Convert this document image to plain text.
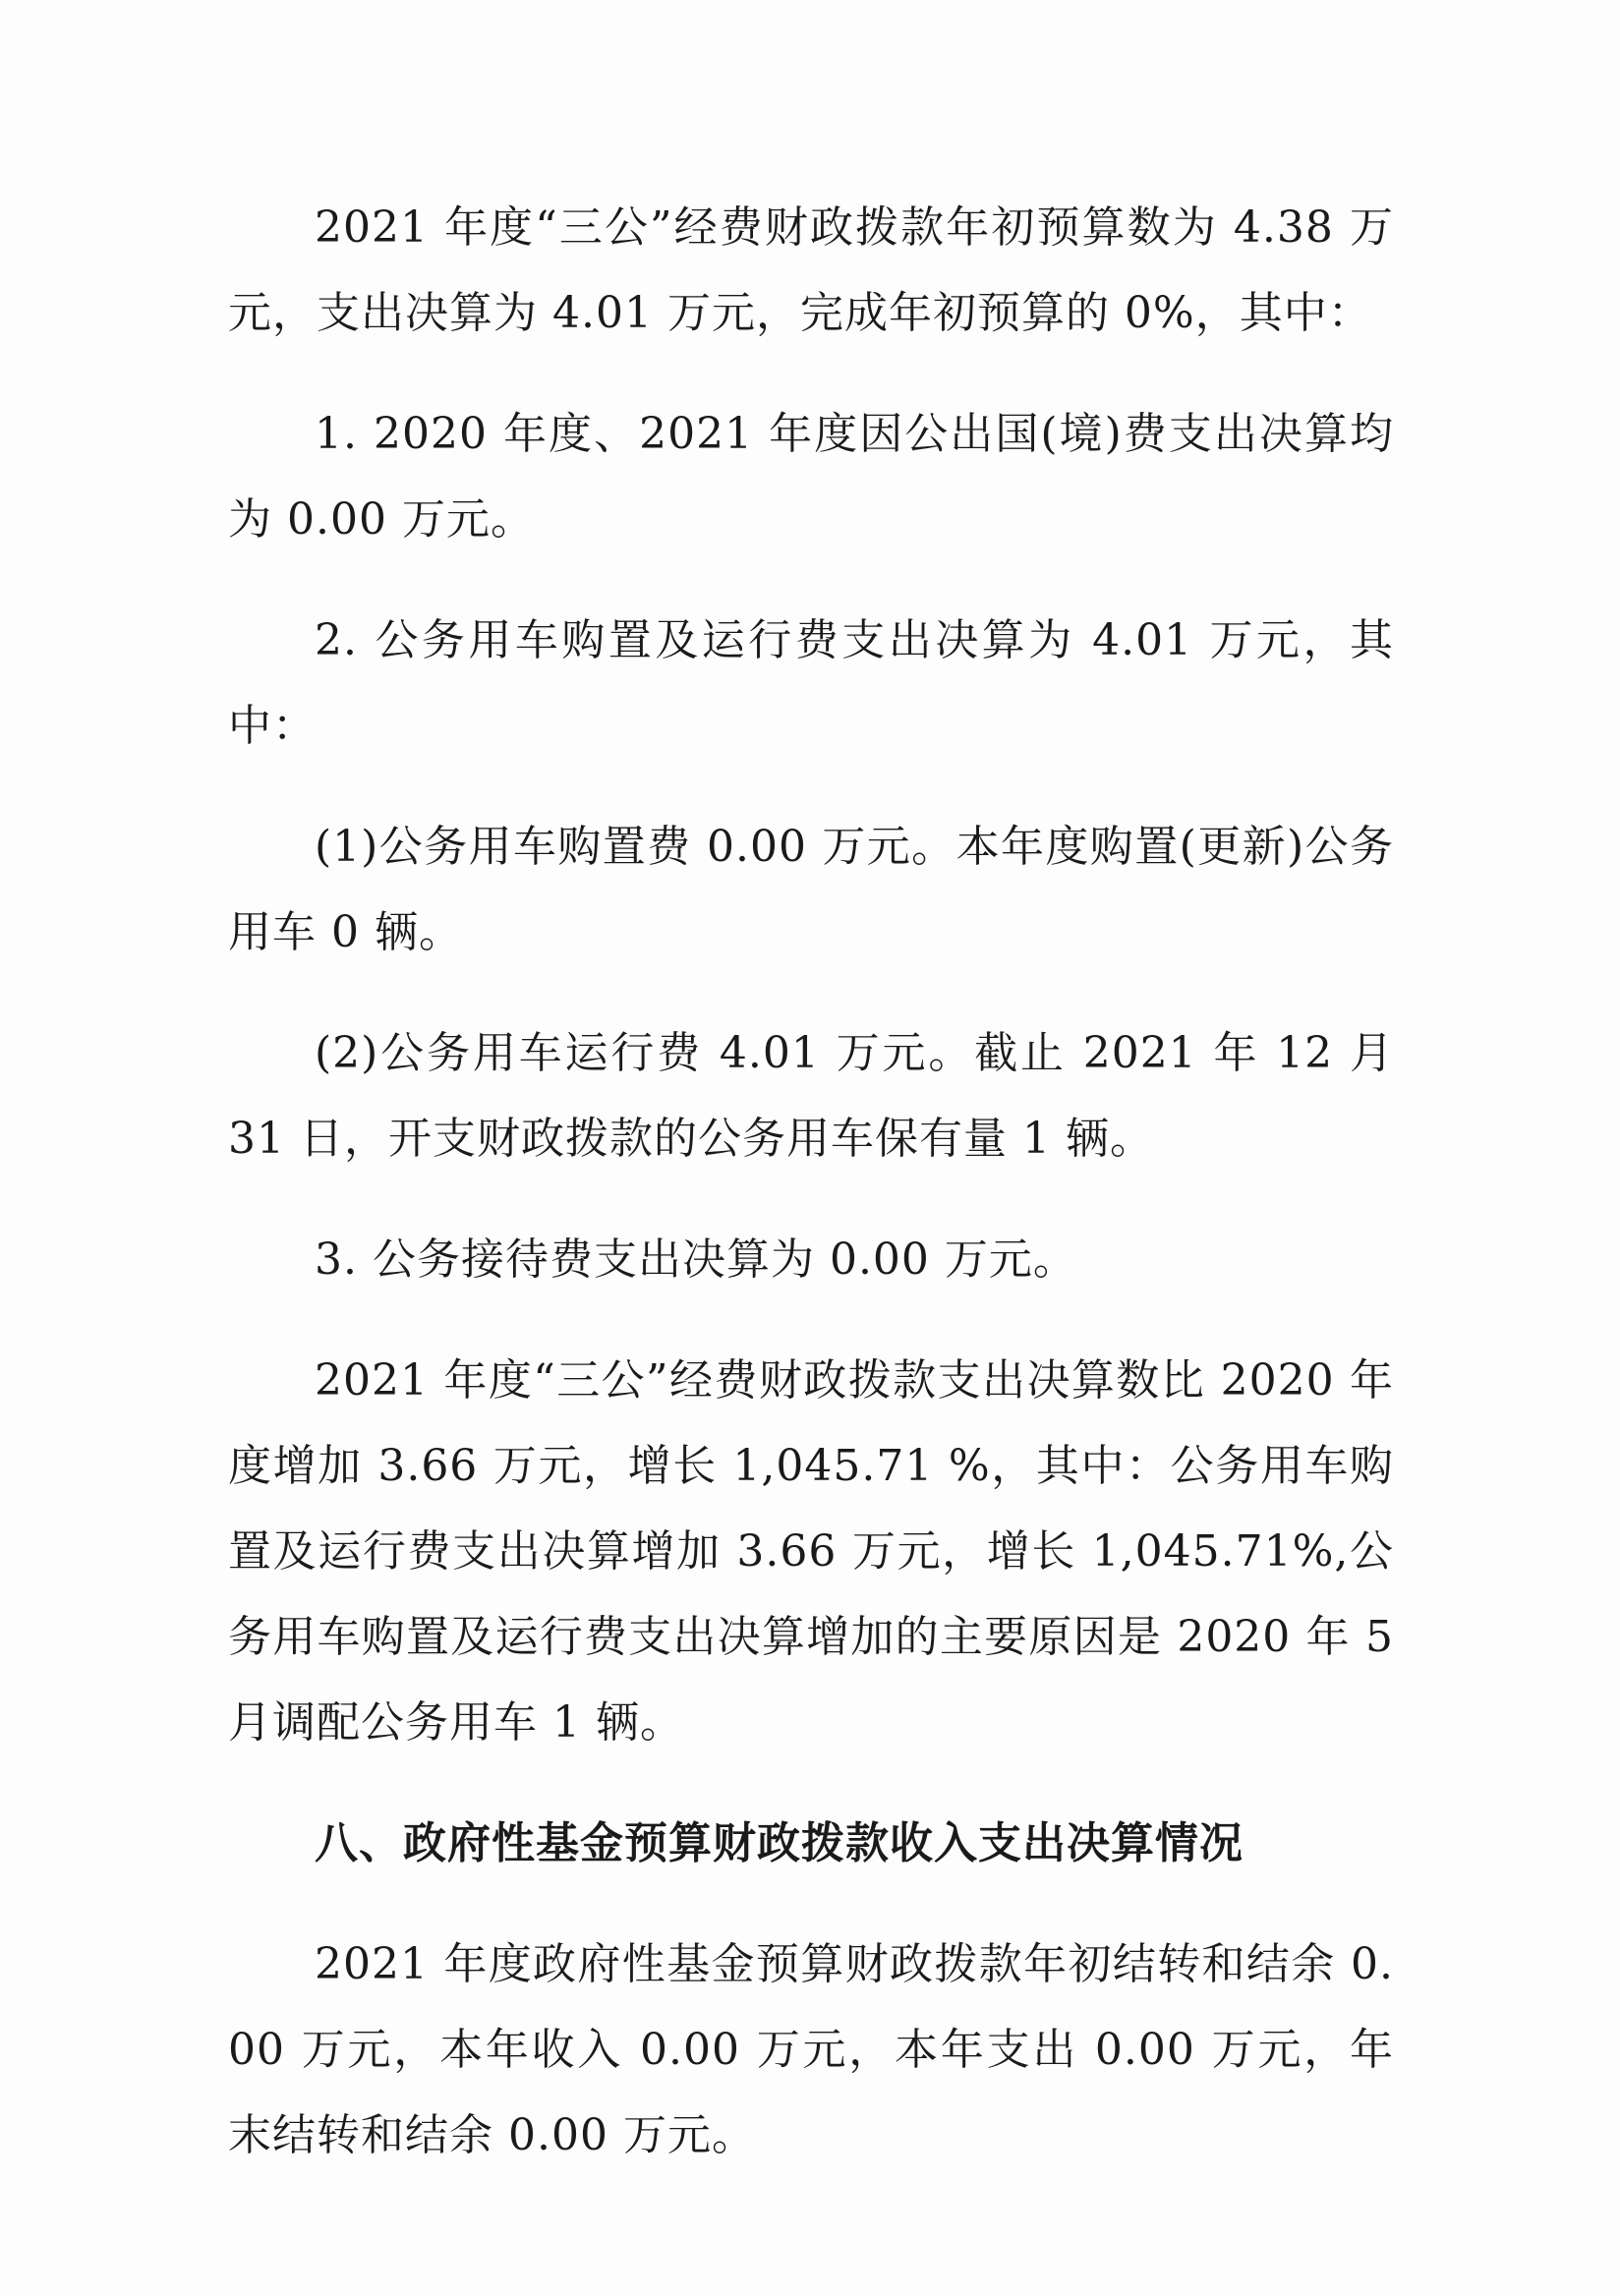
2021 年度“三公”经费财政拨款年初预算数为 4.38 万元，支出决算为 4.01 万元，完成年初预算的 0%，其中：

1. 2020 年度、2021 年度因公出国(境)费支出决算均为 0.00 万元。

2. 公务用车购置及运行费支出决算为 4.01 万元，其中：

(1)公务用车购置费 0.00 万元。本年度购置(更新)公务用车 0 辆。

(2)公务用车运行费 4.01 万元。截止 2021 年 12 月 31 日，开支财政拨款的公务用车保有量 1 辆。

3. 公务接待费支出决算为 0.00 万元。

2021 年度“三公”经费财政拨款支出决算数比 2020 年度增加 3.66 万元，增长 1,045.71 %，其中：公务用车购置及运行费支出决算增加 3.66 万元，增长 1,045.71%,公务用车购置及运行费支出决算增加的主要原因是 2020 年 5 月调配公务用车 1 辆。

八、政府性基金预算财政拨款收入支出决算情况

2021 年度政府性基金预算财政拨款年初结转和结余 0.00 万元，本年收入 0.00 万元，本年支出 0.00 万元，年末结转和结余 0.00 万元。
